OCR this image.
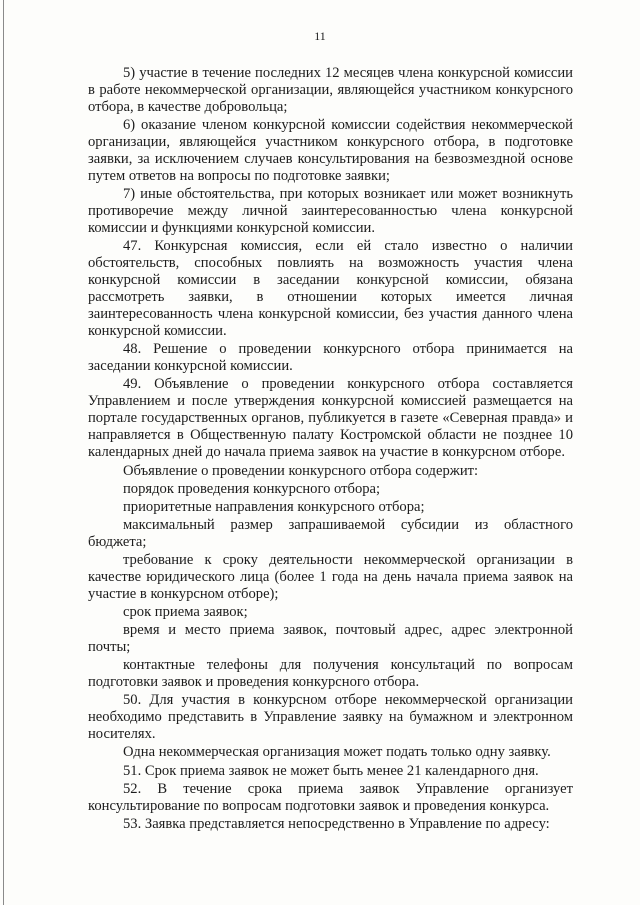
11

5) участие в течение последних 12 месяцев члена конкурсной комиссии в работе некоммерческой организации, являющейся участником конкурсного отбора, в качестве добровольца;

6) оказание членом конкурсной комиссии содействия некоммерческой организации, являющейся участником конкурсного отбора, в подготовке заявки, за исключением случаев консультирования на безвозмездной основе путем ответов на вопросы по подготовке заявки;

7) иные обстоятельства, при которых возникает или может возникнуть противоречие между личной заинтересованностью члена конкурсной комиссии и функциями конкурсной комиссии.

47. Конкурсная комиссия, если ей стало известно о наличии обстоятельств, способных повлиять на возможность участия члена конкурсной комиссии в заседании конкурсной комиссии, обязана рассмотреть заявки, в отношении которых имеется личная заинтересованность члена конкурсной комиссии, без участия данного члена конкурсной комиссии.

48. Решение о проведении конкурсного отбора принимается на заседании конкурсной комиссии.

49. Объявление о проведении конкурсного отбора составляется Управлением и после утверждения конкурсной комиссией размещается на портале государственных органов, публикуется в газете «Северная правда» и направляется в Общественную палату Костромской области не позднее 10 календарных дней до начала приема заявок на участие в конкурсном отборе.

Объявление о проведении конкурсного отбора содержит:

порядок проведения конкурсного отбора;

приоритетные направления конкурсного отбора;

максимальный размер запрашиваемой субсидии из областного бюджета;

требование к сроку деятельности некоммерческой организации в качестве юридического лица (более 1 года на день начала приема заявок на участие в конкурсном отборе);

срок приема заявок;

время и место приема заявок, почтовый адрес, адрес электронной почты;

контактные телефоны для получения консультаций по вопросам подготовки заявок и проведения конкурсного отбора.

50. Для участия в конкурсном отборе некоммерческой организации необходимо представить в Управление заявку на бумажном и электронном носителях.

Одна некоммерческая организация может подать только одну заявку.

51. Срок приема заявок не может быть менее 21 календарного дня.

52. В течение срока приема заявок Управление организует консультирование по вопросам подготовки заявок и проведения конкурса.

53. Заявка представляется непосредственно в Управление по адресу:
